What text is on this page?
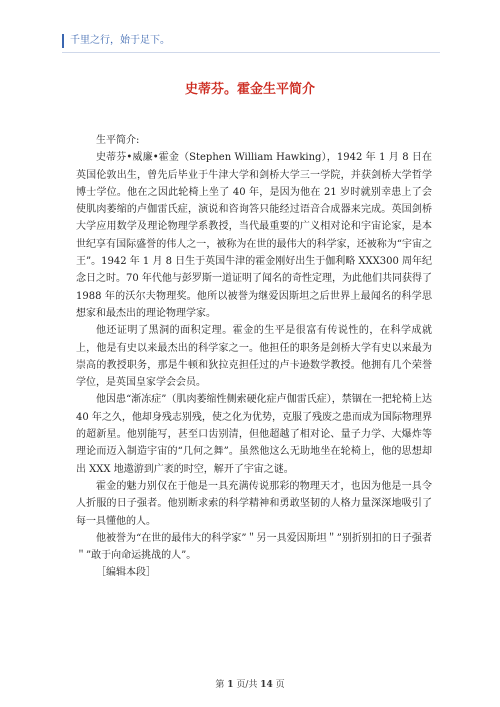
千里之行，始于足下。
史蒂芬。霍金生平简介

生平简介:

史蒂芬•威廉•霍金（Stephen William Hawking），1942 年 1 月 8 日在英国伦敦出生，曾先后毕业于牛津大学和剑桥大学三一学院，并获剑桥大学哲学博士学位。他在之因此轮椅上坐了 40 年，是因为他在 21 岁时就别幸患上了会使肌肉萎缩的卢伽雷氏症，演说和咨询答只能经过语音合成器来完成。英国剑桥大学应用数学及理论物理学系教授，当代最重要的广义相对论和宇宙论家，是本世纪享有国际盛誉的伟人之一，被称为在世的最伟大的科学家，还被称为“宇宙之王”。1942 年 1 月 8 日生于英国牛津的霍金刚好出生于伽利略 XXX300 周年纪念日之时。70 年代他与彭罗斯一道证明了闻名的奇性定理，为此他们共同获得了 1988 年的沃尔夫物理奖。他所以被誉为继爱因斯坦之后世界上最闻名的科学思想家和最杰出的理论物理学家。

他还证明了黑洞的面积定理。霍金的生平是很富有传说性的，在科学成就上，他是有史以来最杰出的科学家之一。他担任的职务是剑桥大学有史以来最为崇高的教授职务，那是牛顿和狄拉克担任过的卢卡逊数学教授。他拥有几个荣誉学位，是英国皇家学会会员。

他因患“渐冻症”（肌肉萎缩性侧索硬化症卢伽雷氏症），禁锢在一把轮椅上达 40 年之久，他却身残志别残，使之化为优势，克服了残废之患而成为国际物理界的超新星。他别能写，甚至口齿别清，但他超越了相对论、量子力学、大爆炸等理论而迈入制造宇宙的“几何之舞”。虽然他这么无助地坐在轮椅上，他的思想却出 XXX 地遨游到广袤的时空，解开了宇宙之谜。

霍金的魅力别仅在于他是一具充满传说那彩的物理天才，也因为他是一具令人折服的日子强者。他别断求索的科学精神和勇敢坚韧的人格力量深深地吸引了每一具懂他的人。

他被誉为“在世的最伟大的科学家”＂另一具爱因斯坦＂”别折别扣的日子强者＂”敢于向命运挑战的人”。

［编辑本段］

第 1 页/共 14 页
